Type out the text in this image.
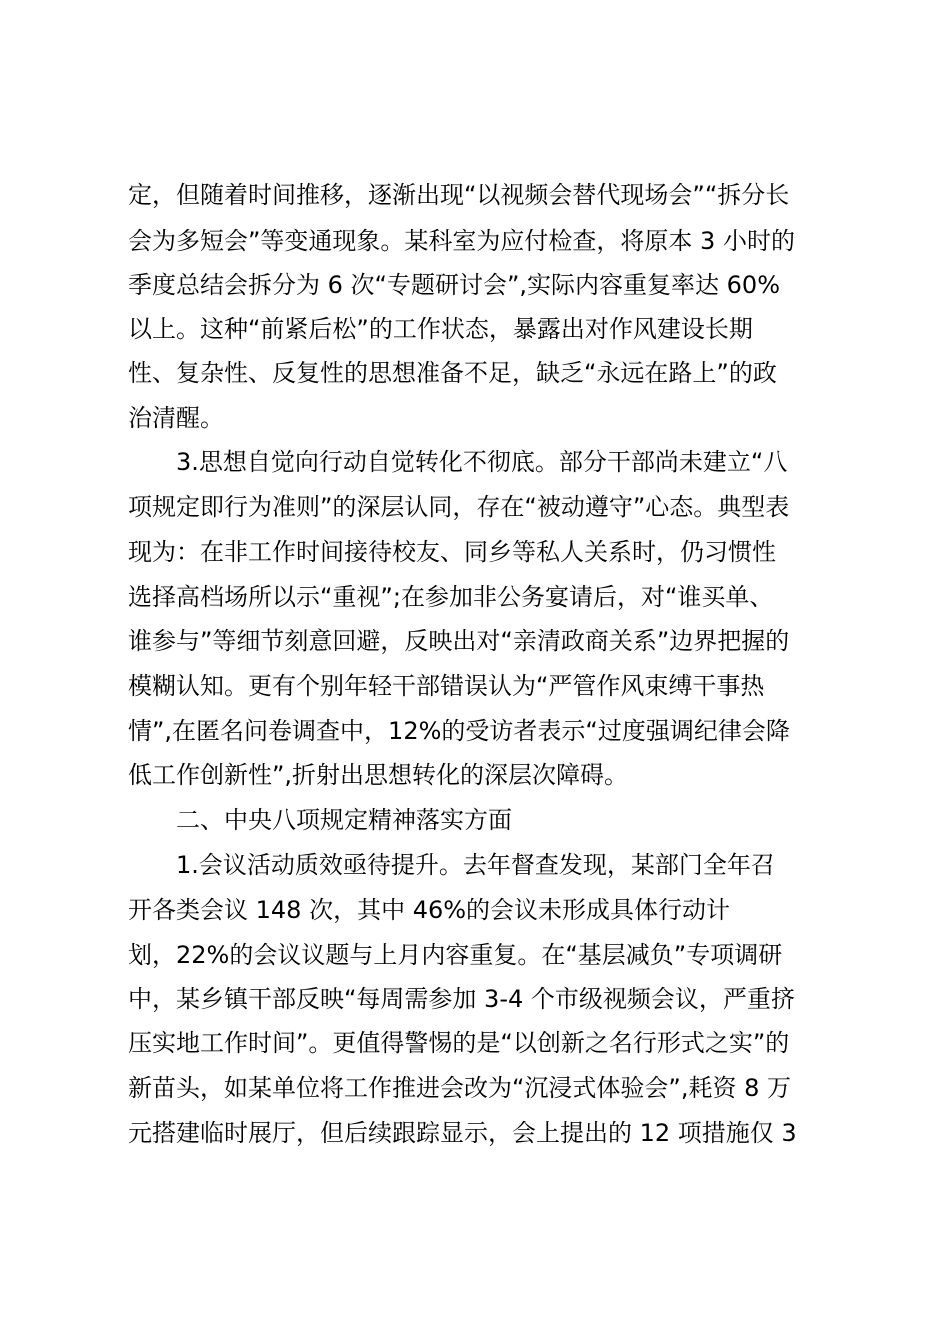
定，但随着时间推移，逐渐出现“以视频会替代现场会”“拆分长
会为多短会”等变通现象。某科室为应付检查，将原本 3 小时的
季度总结会拆分为 6 次“专题研讨会”,实际内容重复率达 60%
以上。这种“前紧后松”的工作状态，暴露出对作风建设长期
性、复杂性、反复性的思想准备不足，缺乏“永远在路上”的政
治清醒。
3.思想自觉向行动自觉转化不彻底。部分干部尚未建立“八
项规定即行为准则”的深层认同，存在“被动遵守”心态。典型表
现为：在非工作时间接待校友、同乡等私人关系时，仍习惯性
选择高档场所以示“重视”;在参加非公务宴请后，对“谁买单、
谁参与”等细节刻意回避，反映出对“亲清政商关系”边界把握的
模糊认知。更有个别年轻干部错误认为“严管作风束缚干事热
情”,在匿名问卷调查中，12%的受访者表示“过度强调纪律会降
低工作创新性”,折射出思想转化的深层次障碍。
二、中央八项规定精神落实方面
1.会议活动质效亟待提升。去年督查发现，某部门全年召
开各类会议 148 次，其中 46%的会议未形成具体行动计
划，22%的会议议题与上月内容重复。在“基层减负”专项调研
中，某乡镇干部反映“每周需参加 3-4 个市级视频会议，严重挤
压实地工作时间”。更值得警惕的是“以创新之名行形式之实”的
新苗头，如某单位将工作推进会改为“沉浸式体验会”,耗资 8 万
元搭建临时展厅，但后续跟踪显示，会上提出的 12 项措施仅 3
